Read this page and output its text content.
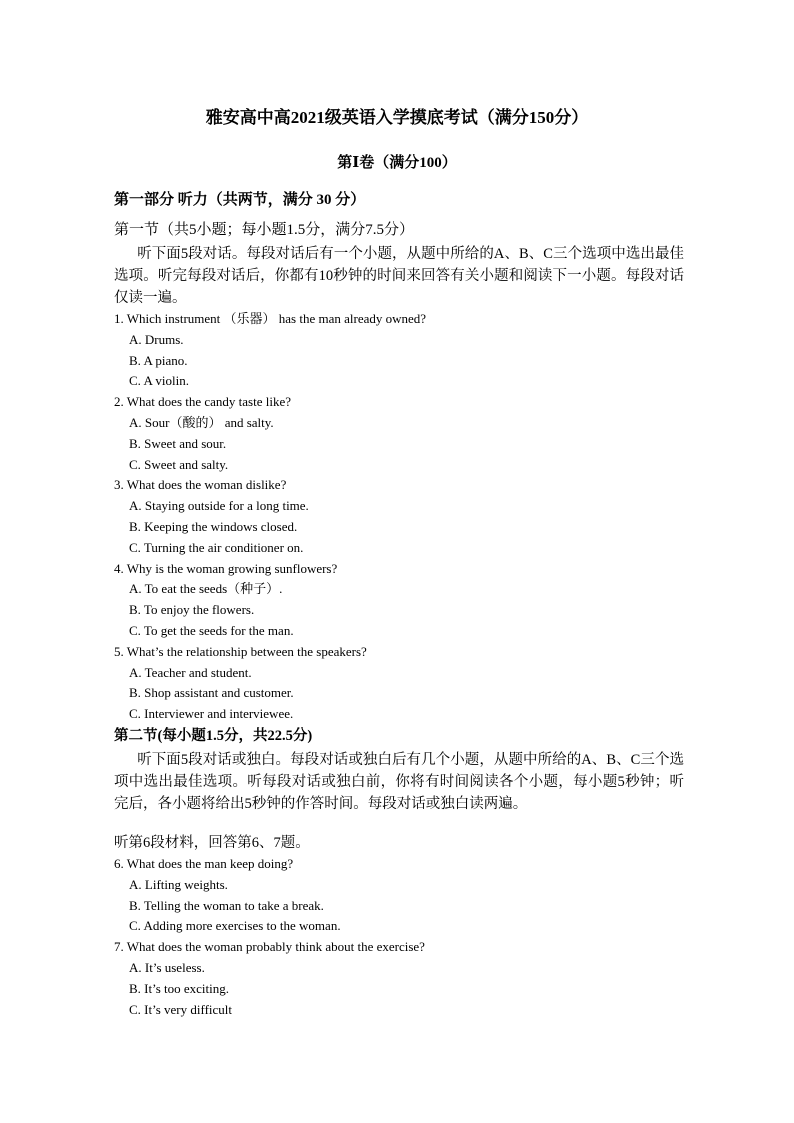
雅安高中高2021级英语入学摸底考试（满分150分）
第Ⅰ卷（满分100）

第一部分 听力（共两节，满分 30 分）

第一节（共5小题；每小题1.5分，满分7.5分）

听下面5段对话。每段对话后有一个小题，从题中所给的A、B、C三个选项中选出最佳选项。听完每段对话后，你都有10秒钟的时间来回答有关小题和阅读下一小题。每段对话仅读一遍。

1. Which instrument （乐器） has the man already owned?

A. Drums.

B. A piano.

C. A violin.

2. What does the candy taste like?

A. Sour（酸的） and salty.

B. Sweet and sour.

C. Sweet and salty.

3. What does the woman dislike?

A. Staying outside for a long time.

B. Keeping the windows closed.

C. Turning the air conditioner on.

4. Why is the woman growing sunflowers?

A. To eat the seeds（种子）.

B. To enjoy the flowers.

C. To get the seeds for the man.

5. What’s the relationship between the speakers?

A. Teacher and student.

B. Shop assistant and customer.

C. Interviewer and interviewee.

第二节(每小题1.5分，共22.5分)

听下面5段对话或独白。每段对话或独白后有几个小题，从题中所给的A、B、C三个选项中选出最佳选项。听每段对话或独白前，你将有时间阅读各个小题，每小题5秒钟；听完后，各小题将给出5秒钟的作答时间。每段对话或独白读两遍。

听第6段材料，回答第6、7题。

6. What does the man keep doing?

A. Lifting weights.

B. Telling the woman to take a break.

C. Adding more exercises to the woman.

7. What does the woman probably think about the exercise?

A. It’s useless.

B. It’s too exciting.

C. It’s very difficult
